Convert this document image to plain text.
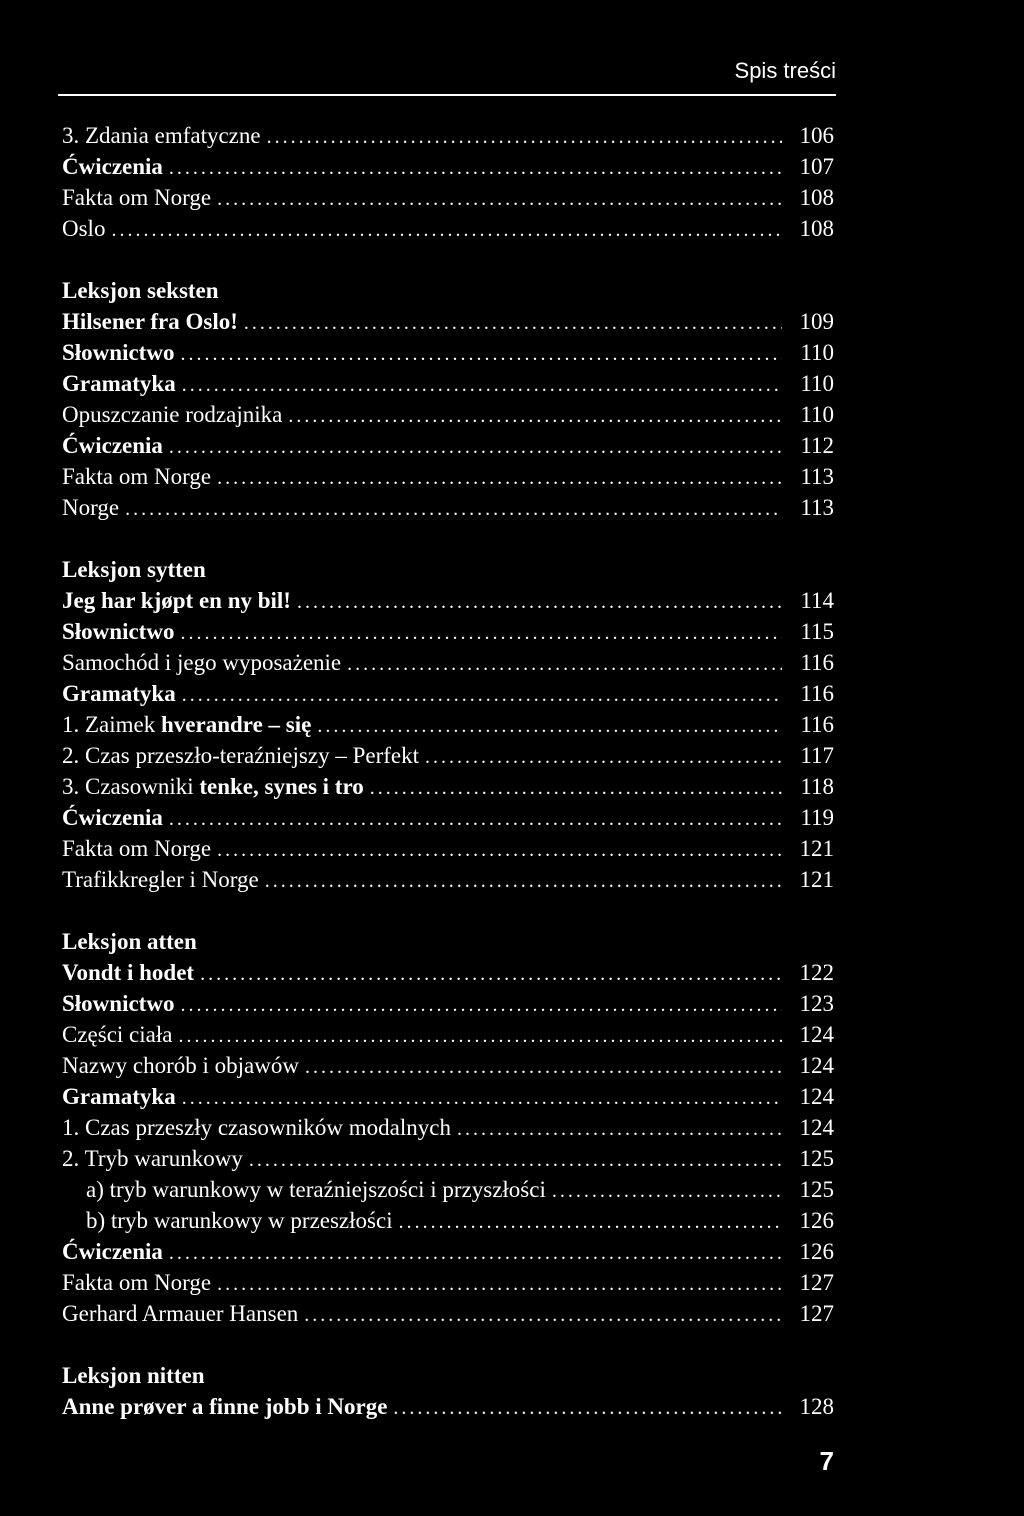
Spis treści
3. Zdania emfatyczne .....	106
Ćwiczenia .....	107
Fakta om Norge .....	108
Oslo .....	108
Leksjon seksten
Hilsener fra Oslo! .....	109
Słownictwo .....	110
Gramatyka .....	110
Opuszczanie rodzajnika .....	110
Ćwiczenia .....	112
Fakta om Norge .....	113
Norge .....	113
Leksjon sytten
Jeg har kjøpt en ny bil! .....	114
Słownictwo .....	115
Samochód i jego wyposażenie .....	116
Gramatyka .....	116
1. Zaimek hverandre – się .....	116
2. Czas przeszło-teraźniejszy – Perfekt .....	117
3. Czasowniki tenke, synes i tro .....	118
Ćwiczenia .....	119
Fakta om Norge .....	121
Trafikkregler i Norge .....	121
Leksjon atten
Vondt i hodet .....	122
Słownictwo .....	123
Części ciała .....	124
Nazwy chorób i objawów .....	124
Gramatyka .....	124
1. Czas przeszły czasowników modalnych .....	124
2. Tryb warunkowy .....	125
a) tryb warunkowy w teraźniejszości i przyszłości .....	125
b) tryb warunkowy w przeszłości .....	126
Ćwiczenia .....	126
Fakta om Norge .....	127
Gerhard Armauer Hansen .....	127
Leksjon nitten
Anne prøver a finne jobb i Norge .....	128
7
